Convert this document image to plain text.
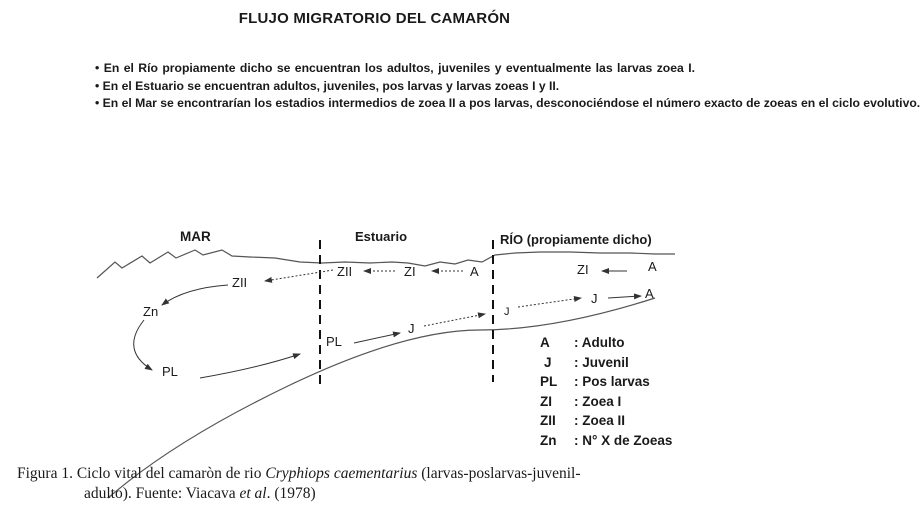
FLUJO MIGRATORIO DEL CAMARÓN

• En el Río propiamente dicho se encuentran los adultos, juveniles y eventualmente las larvas zoea I.

• En el Estuario se encuentran adultos, juveniles, pos larvas y larvas zoeas I y II.

• En el Mar se encontrarían los estadios intermedios de zoea II a pos larvas, desconociéndose el número exacto de zoeas en el ciclo evolutivo.

MAR	Estuario	RÍO (propiamente dicho)
A
ZI
A
ZI
ZII
ZII
Zn
PL
PL
J
J
J	A
A : Adulto
J : Juvenil
PL : Pos larvas
ZI : Zoea I
ZII : Zoea II
Zn : N° X de Zoeas
Figura 1. Ciclo vital del camaròn de rio Cryphiops caementarius (larvas-poslarvas-juvenil-
adulto). Fuente: Viacava et al. (1978)
